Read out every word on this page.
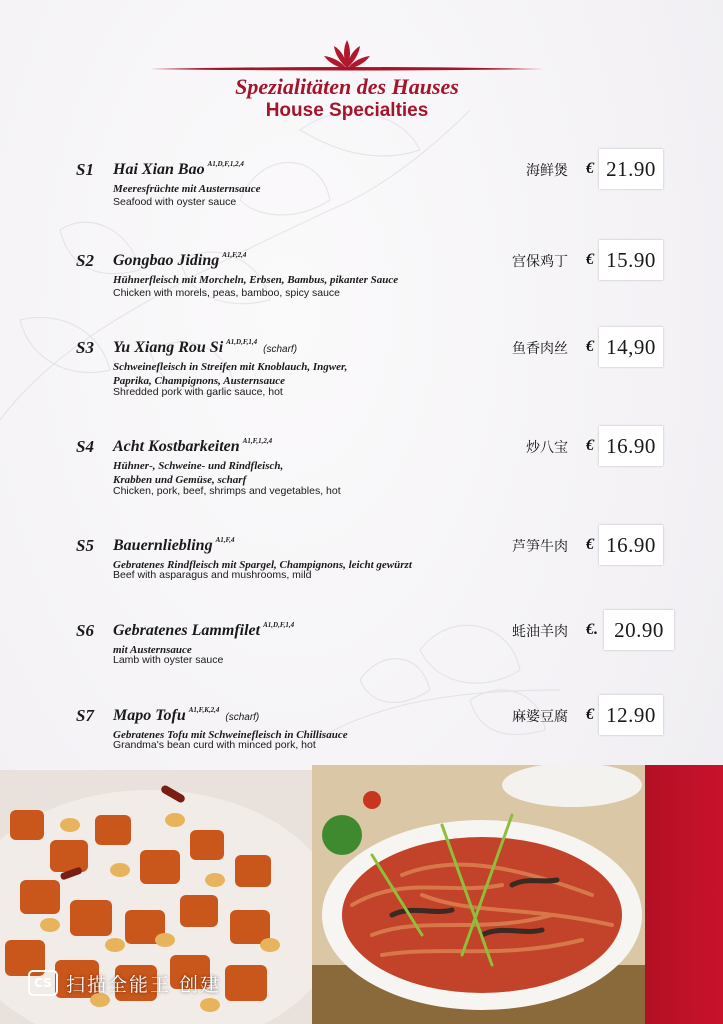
Spezialitäten des Hauses
House Specialties
S1 Hai Xian Bao $^{A1,D,F,1,2,4}$
Meeresfrüchte mit Austernsauce
Seafood with oyster sauce
海鲜煲 € 21.90
S2 Gongbao Jiding $^{A1,F,2,4}$
Hühnerfleisch mit Morcheln, Erbsen, Bambus, pikanter Sauce
Chicken with morels, peas, bamboo, spicy sauce
宫保鸡丁 € 15.90
S3 Yu Xiang Rou Si $^{A1,D,F,1,4}$(scharf)
Schweinefleisch in Streifen mit Knoblauch, Ingwer, Paprika, Champignons, Austernsauce
Shredded pork with garlic sauce, hot
鱼香肉丝 € 14,90
S4 Acht Kostbarkeiten $^{A1,F,1,2,4}$
Hühner-, Schweine- und Rindfleisch, Krabben und Gemüse, scharf
Chicken, pork, beef, shrimps and vegetables, hot
炒八宝 € 16.90
S5 Bauernliebling $^{A1,F,4}$
Gebratenes Rindfleisch mit Spargel, Champignons, leicht gewürzt
Beef with asparagus and mushrooms, mild
芦笋牛肉 € 16.90
S6 Gebratenes Lammfilet $^{A1,D,F,1,4}$
mit Austernsauce
Lamb with oyster sauce
蚝油羊肉 €. 20.90
S7 Mapo Tofu $^{A1,F,K,2,4}$(scharf)
Gebratenes Tofu mit Schweinefleisch in Chillisauce
Grandma's bean curd with minced pork, hot
麻婆豆腐 € 12.90
CS 扫描全能王 创建
